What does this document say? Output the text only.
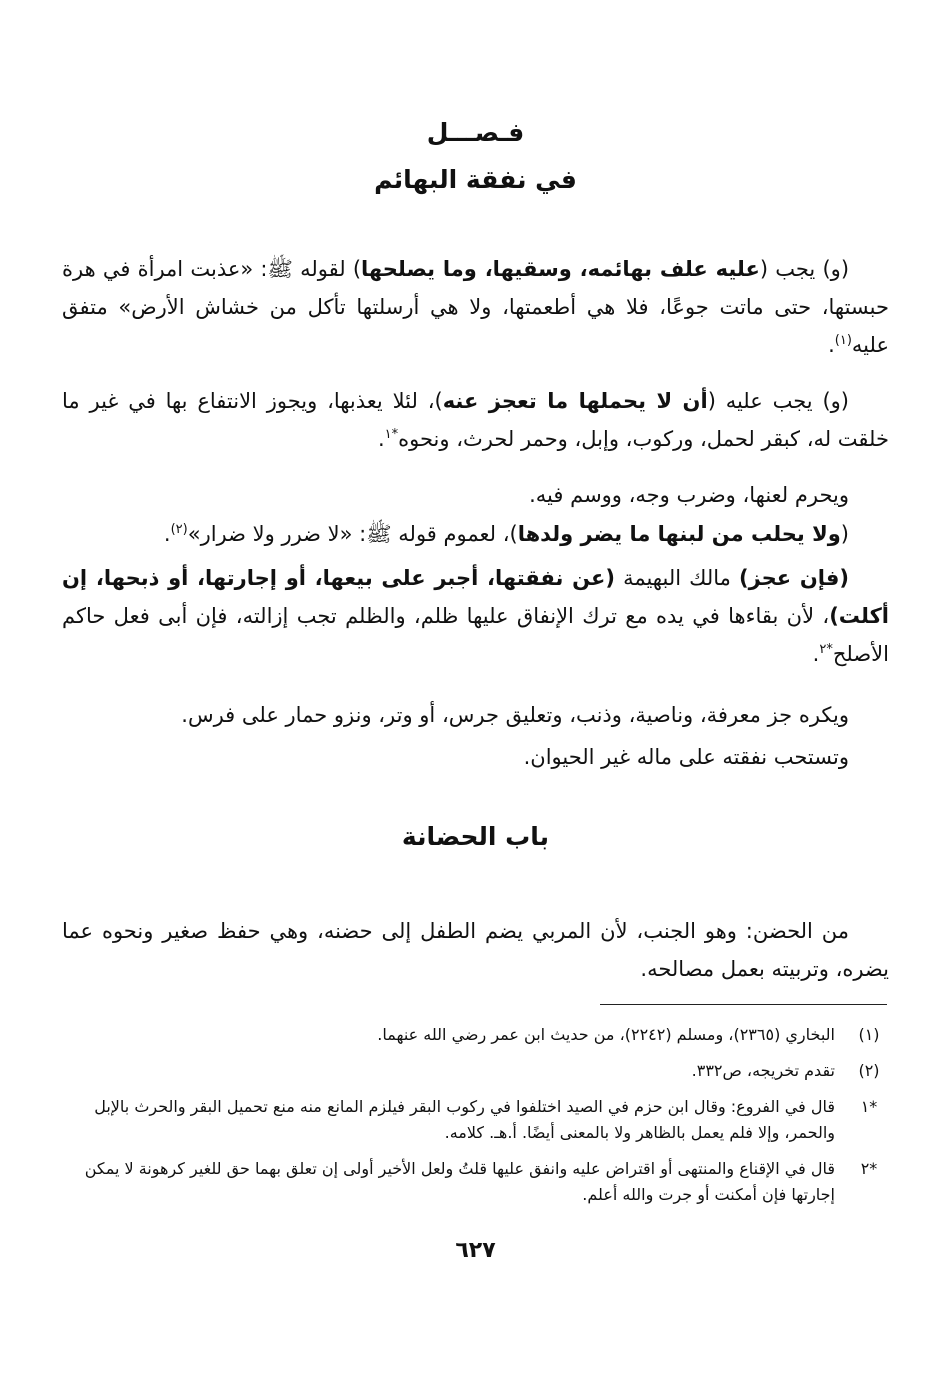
فـصـــل
في نفقة البهائم
(و) يجب (عليه علف بهائمه، وسقيها، وما يصلحها) لقوله ﷺ: «عذبت امرأة في هرة حبستها، حتى ماتت جوعًا، فلا هي أطعمتها، ولا هي أرسلتها تأكل من خشاش الأرض» متفق عليه$^{(١)}$.
(و) يجب عليه (أن لا يحملها ما تعجز عنه)، لئلا يعذبها، ويجوز الانتفاع بها في غير ما خلقت له، كبقر لحمل، وركوب، وإبل، وحمر لحرث، ونحوه$^{*١}$.
ويحرم لعنها، وضرب وجه، ووسم فيه.
(ولا يحلب من لبنها ما يضر ولدها)، لعموم قوله ﷺ: «لا ضرر ولا ضرار»$^{(٢)}$.
(فإن عجز) مالك البهيمة (عن نفقتها، أجبر على بيعها، أو إجارتها، أو ذبحها، إن أكلت)، لأن بقاءها في يده مع ترك الإنفاق عليها ظلم، والظلم تجب إزالته، فإن أبى فعل حاكم الأصلح$^{*٢}$.
ويكره جز معرفة، وناصية، وذنب، وتعليق جرس، أو وتر، ونزو حمار على فرس.
وتستحب نفقته على ماله غير الحيوان.
باب الحضانة
من الحضن: وهو الجنب، لأن المربي يضم الطفل إلى حضنه، وهي حفظ صغير ونحوه عما يضره، وتربيته بعمل مصالحه.
(١)
البخاري (٢٣٦٥)، ومسلم (٢٢٤٢)، من حديث ابن عمر رضي الله عنهما.
(٢)
تقدم تخريجه، ص٣٣٢.
*١
قال في الفروع: وقال ابن حزم في الصيد اختلفوا في ركوب البقر فيلزم المانع منه منع تحميل البقر والحرث بالإبل والحمر، وإلا فلم يعمل بالظاهر ولا بالمعنى أيضًا. أ.هـ. كلامه.
*٢
قال في الإقناع والمنتهى أو اقتراض عليه وانفق عليها قلتُ ولعل الأخير أولى إن تعلق بهما حق للغير كرهونة لا يمكن إجارتها فإن أمكنت أو جرت والله أعلم.
٦٢٧
